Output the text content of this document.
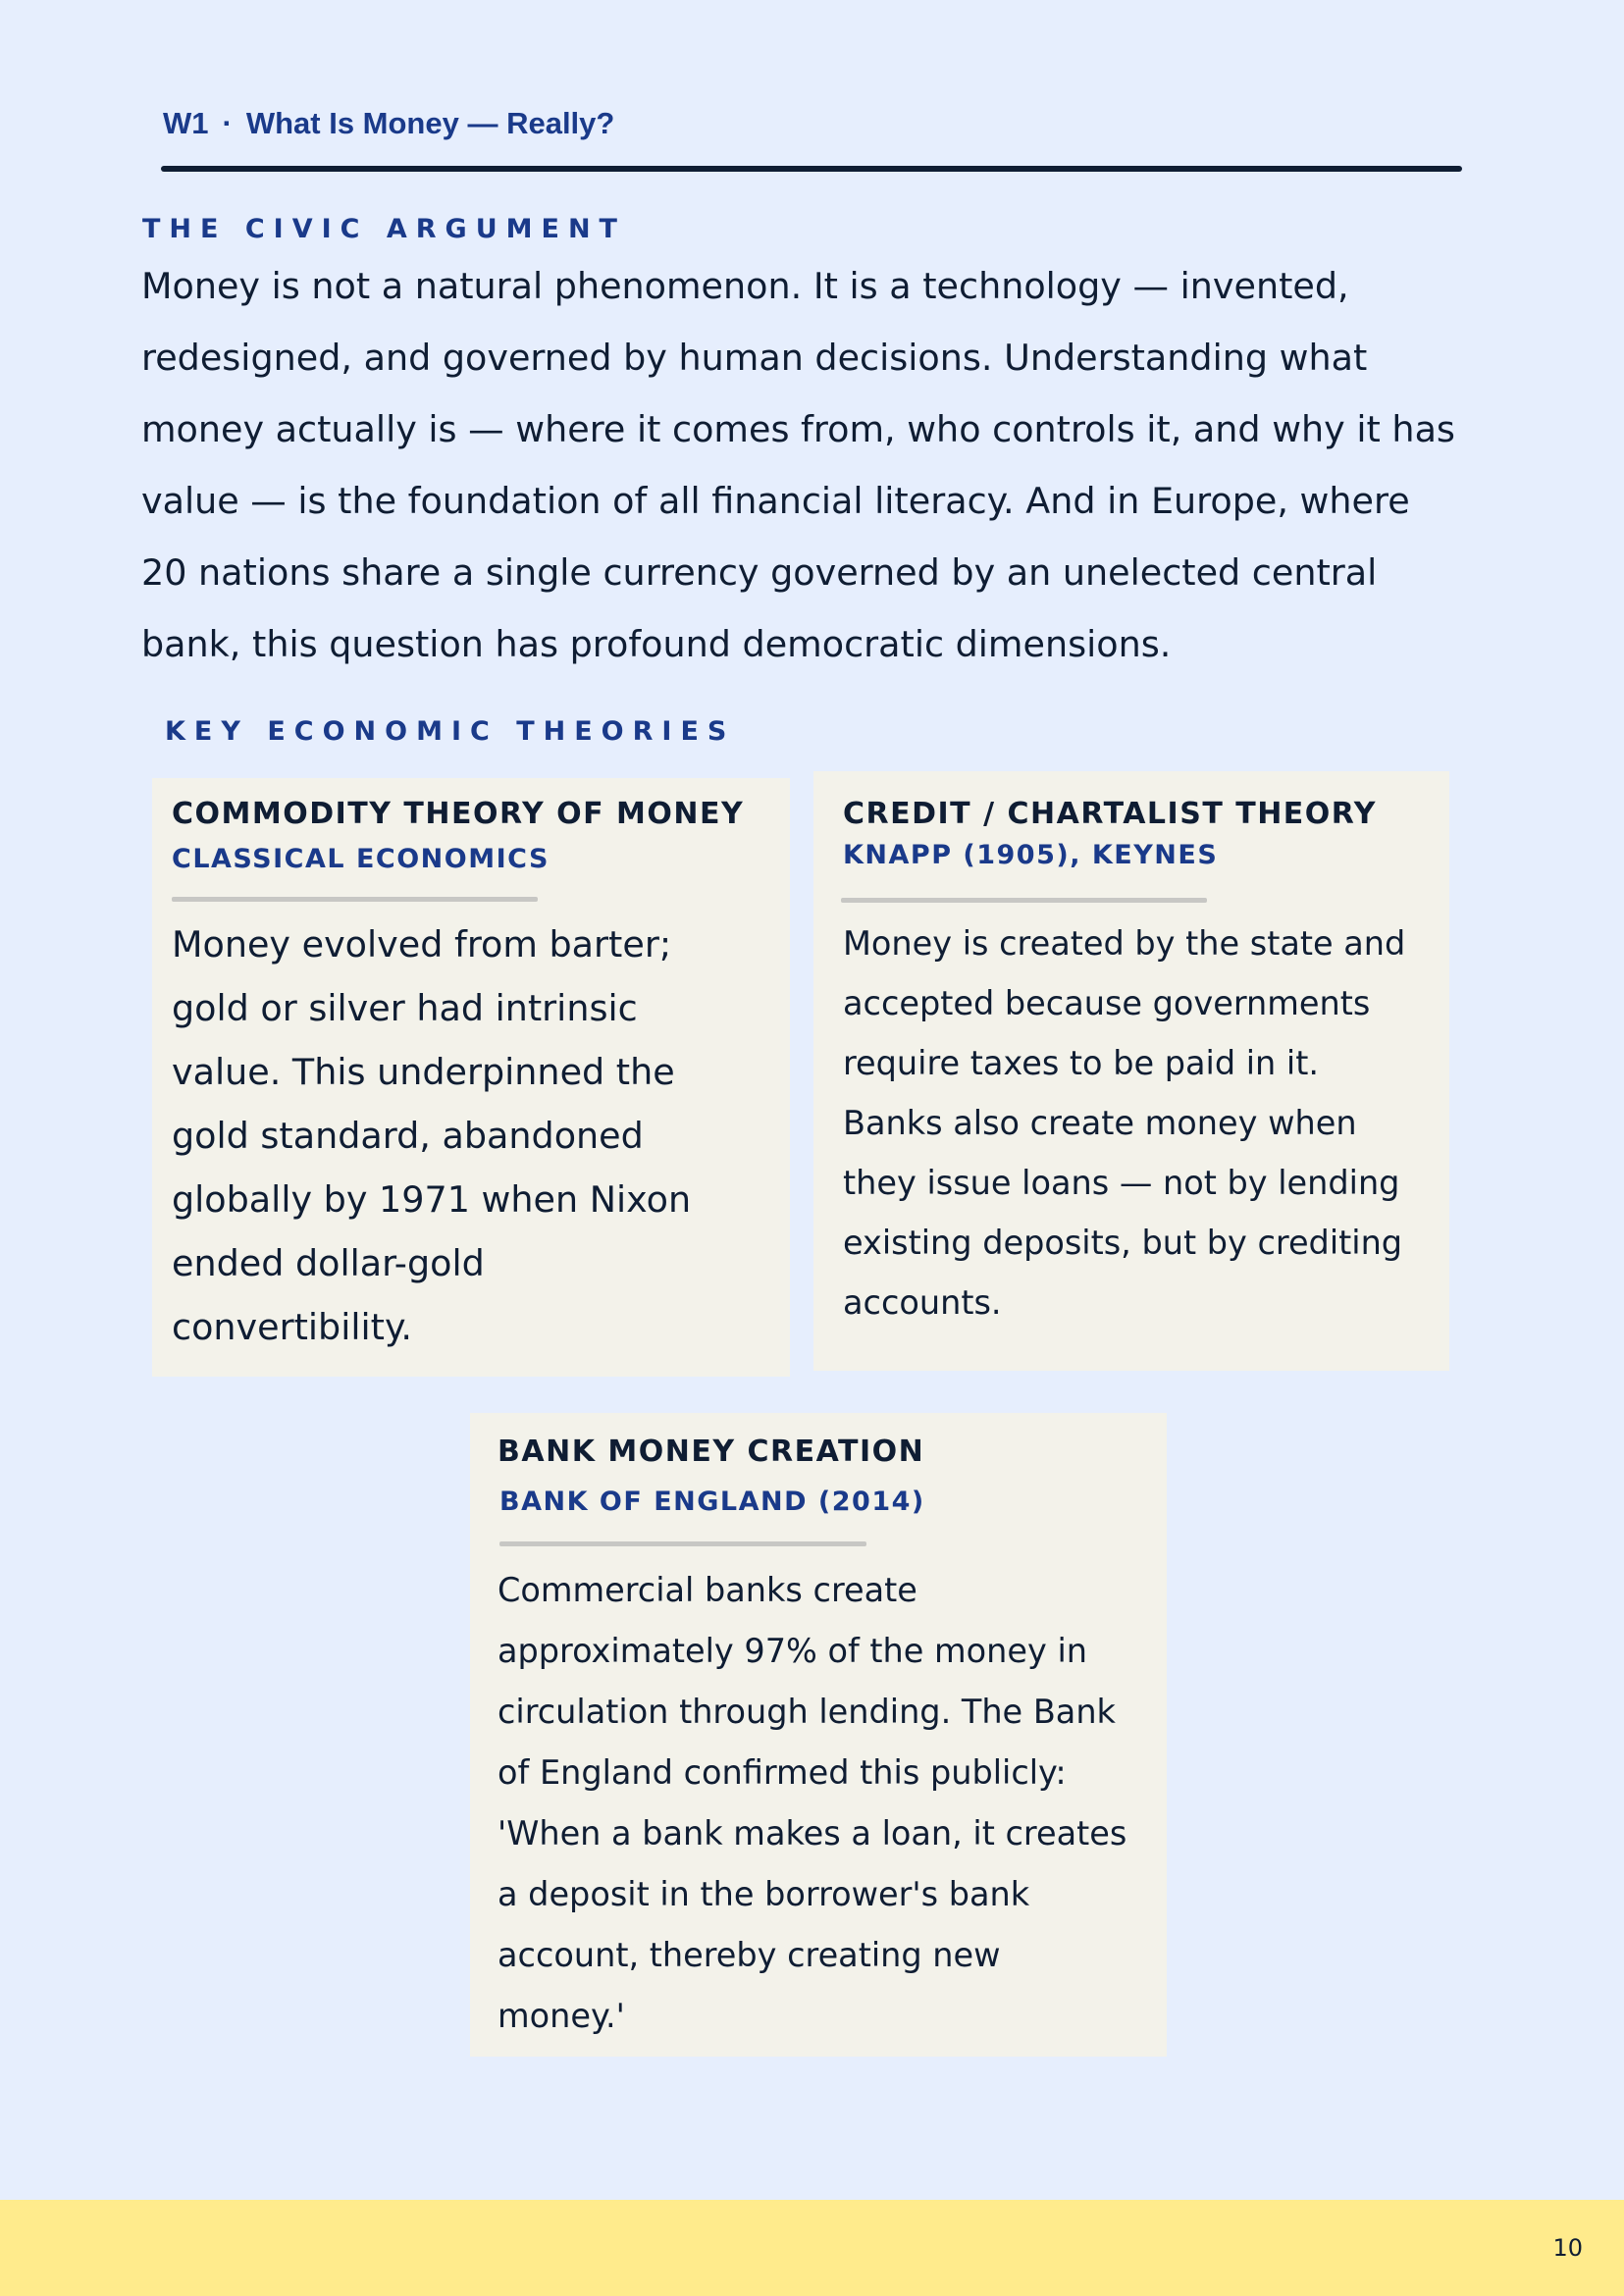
W1 · What Is Money — Really?
THE CIVIC ARGUMENT
Money is not a natural phenomenon. It is a technology — invented, redesigned, and governed by human decisions. Understanding what money actually is — where it comes from, who controls it, and why it has value — is the foundation of all financial literacy. And in Europe, where 20 nations share a single currency governed by an unelected central bank, this question has profound democratic dimensions.
KEY ECONOMIC THEORIES
COMMODITY THEORY OF MONEY
CLASSICAL ECONOMICS
Money evolved from barter; gold or silver had intrinsic value. This underpinned the gold standard, abandoned globally by 1971 when Nixon ended dollar-gold convertibility.
CREDIT / CHARTALIST THEORY
KNAPP (1905), KEYNES
Money is created by the state and accepted because governments require taxes to be paid in it. Banks also create money when they issue loans — not by lending existing deposits, but by crediting accounts.
BANK MONEY CREATION
BANK OF ENGLAND (2014)
Commercial banks create approximately 97% of the money in circulation through lending. The Bank of England confirmed this publicly: 'When a bank makes a loan, it creates a deposit in the borrower's bank account, thereby creating new money.'
10
